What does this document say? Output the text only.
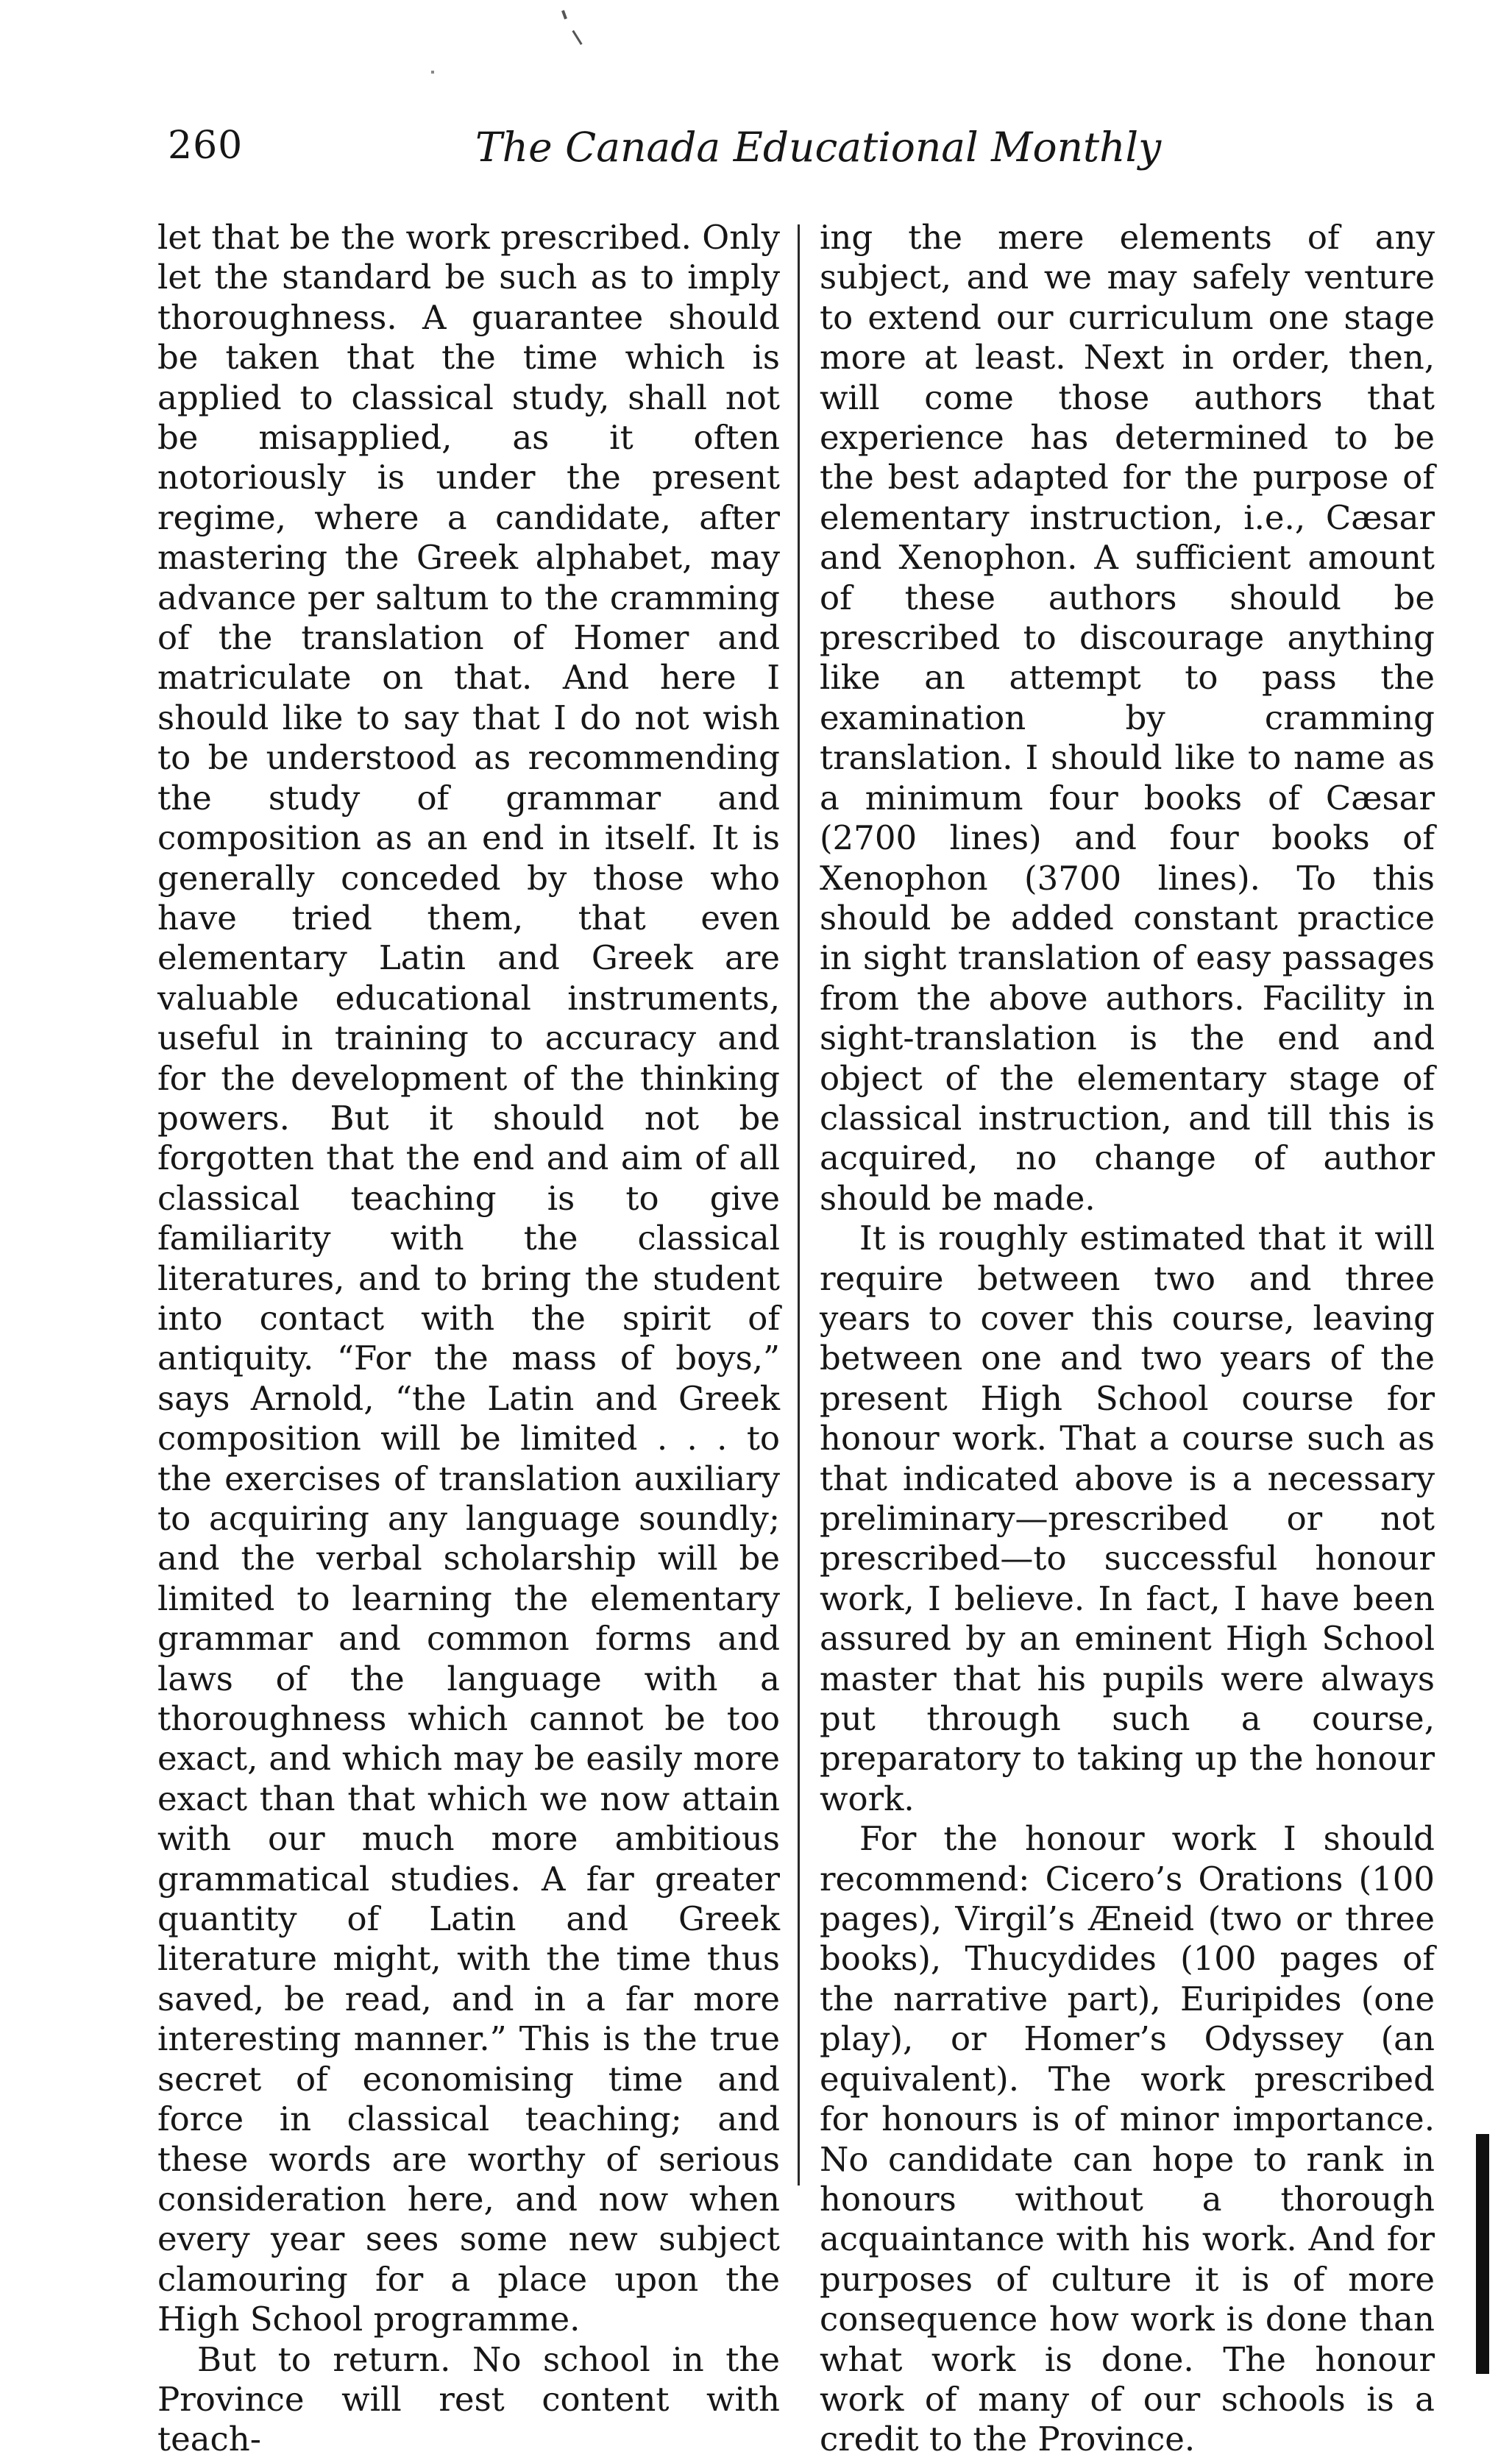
260	The Canada Educational Monthly

let that be the work prescribed. Only let the standard be such as to imply thoroughness. A guarantee should be taken that the time which is applied to classical study, shall not be misapplied, as it often notoriously is under the present regime, where a candidate, after mastering the Greek alphabet, may advance per saltum to the cramming of the translation of Homer and matriculate on that. And here I should like to say that I do not wish to be understood as recommending the study of grammar and composition as an end in itself. It is generally conceded by those who have tried them, that even elementary Latin and Greek are valuable educational instruments, useful in training to accuracy and for the development of the thinking powers. But it should not be forgotten that the end and aim of all classical teaching is to give familiarity with the classical literatures, and to bring the student into contact with the spirit of antiquity. “For the mass of boys,” says Arnold, “the Latin and Greek composition will be limited . . . to the exercises of translation auxiliary to acquiring any language soundly; and the verbal scholarship will be limited to learning the elementary grammar and common forms and laws of the language with a thoroughness which cannot be too exact, and which may be easily more exact than that which we now attain with our much more ambitious grammatical studies. A far greater quantity of Latin and Greek literature might, with the time thus saved, be read, and in a far more interesting manner.” This is the true secret of economising time and force in classical teaching; and these words are worthy of serious consideration here, and now when every year sees some new subject clamouring for a place upon the High School programme.

But to return. No school in the Province will rest content with teach-

ing the mere elements of any subject, and we may safely venture to extend our curriculum one stage more at least. Next in order, then, will come those authors that experience has determined to be the best adapted for the purpose of elementary instruction, i.e., Cæsar and Xenophon. A sufficient amount of these authors should be prescribed to discourage anything like an attempt to pass the examination by cramming translation. I should like to name as a minimum four books of Cæsar (2700 lines) and four books of Xenophon (3700 lines). To this should be added constant practice in sight translation of easy passages from the above authors. Facility in sight-translation is the end and object of the elementary stage of classical instruction, and till this is acquired, no change of author should be made.

It is roughly estimated that it will require between two and three years to cover this course, leaving between one and two years of the present High School course for honour work. That a course such as that indicated above is a necessary preliminary—prescribed or not prescribed—to successful honour work, I believe. In fact, I have been assured by an eminent High School master that his pupils were always put through such a course, preparatory to taking up the honour work.

For the honour work I should recommend: Cicero’s Orations (100 pages), Virgil’s Æneid (two or three books), Thucydides (100 pages of the narrative part), Euripides (one play), or Homer’s Odyssey (an equivalent). The work prescribed for honours is of minor importance. No candidate can hope to rank in honours without a thorough acquaintance with his work. And for purposes of culture it is of more consequence how work is done than what work is done. The honour work of many of our schools is a credit to the Province.
